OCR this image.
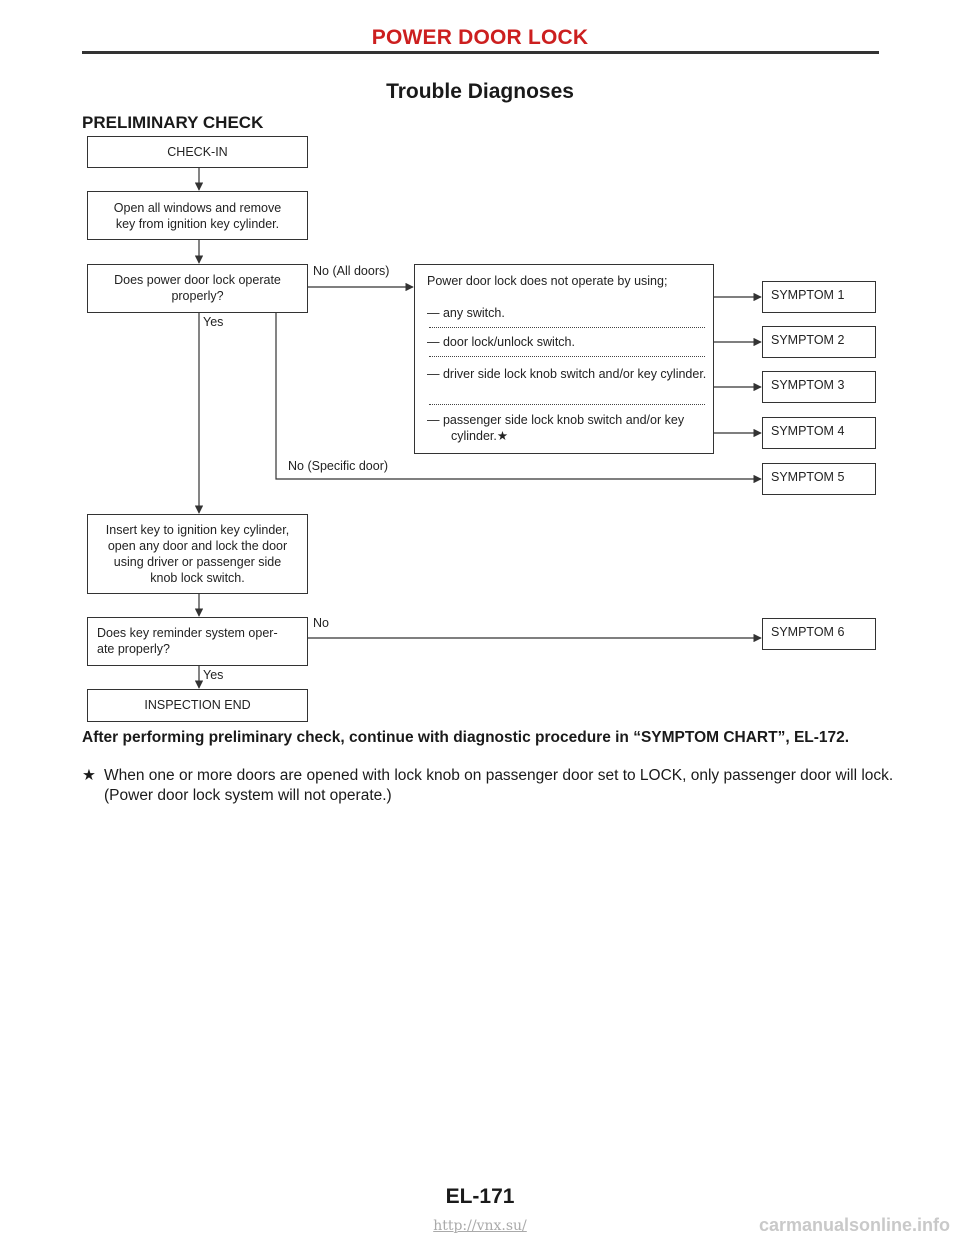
POWER DOOR LOCK
Trouble Diagnoses
PRELIMINARY CHECK
CHECK-IN
Open all windows and remove
key from ignition key cylinder.
Does power door lock operate
properly?
No (All doors)
Yes
Power door lock does not operate by using;
— any switch.
— door lock/unlock switch.
— driver side lock knob switch and/or key cylinder.
— passenger side lock knob switch and/or key cylinder.★
SYMPTOM 1
SYMPTOM 2
SYMPTOM 3
SYMPTOM 4
SYMPTOM 5
No (Specific door)
Insert key to ignition key cylinder,
open any door and lock the door
using driver or passenger side
knob lock switch.
Does key reminder system oper-
ate properly?
No
SYMPTOM 6
Yes
INSPECTION END
After performing preliminary check, continue with diagnostic procedure in “SYMPTOM CHART”, EL-172.
★ When one or more doors are opened with lock knob on passenger door set to LOCK, only passenger door will lock. (Power door lock system will not operate.)
EL-171
http://vnx.su/	carmanualsonline.info
